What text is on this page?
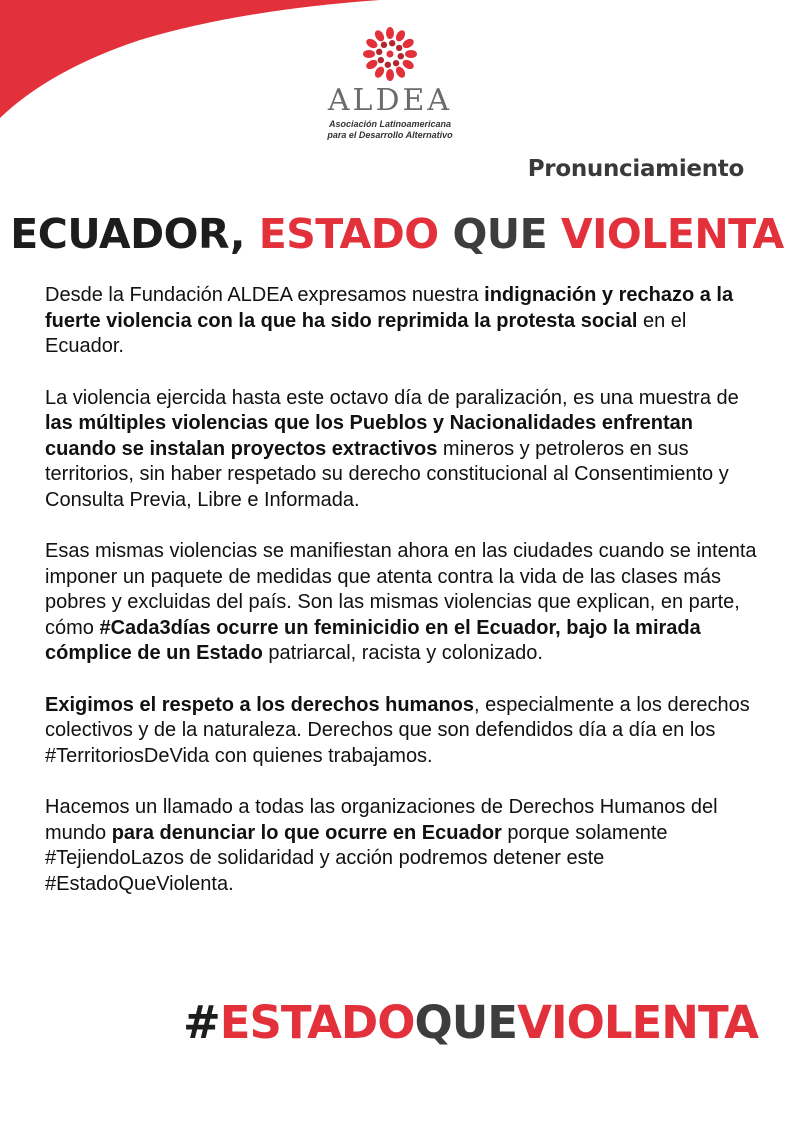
ALDEA
Asociación Latinoamericana
para el Desarrollo Alternativo
Pronunciamiento
ECUADOR, ESTADO QUE VIOLENTA

Desde la Fundación ALDEA expresamos nuestra indignación y rechazo a la fuerte violencia con la que ha sido reprimida la protesta social en el Ecuador.

La violencia ejercida hasta este octavo día de paralización, es una muestra de las múltiples violencias que los Pueblos y Nacionalidades enfrentan cuando se instalan proyectos extractivos mineros y petroleros en sus territorios, sin haber respetado su derecho constitucional al Consentimiento y Consulta Previa, Libre e Informada.

Esas mismas violencias se manifiestan ahora en las ciudades cuando se intenta imponer un paquete de medidas que atenta contra la vida de las clases más pobres y excluidas del país. Son las mismas violencias que explican, en parte, cómo #Cada3días ocurre un feminicidio en el Ecuador, bajo la mirada cómplice de un Estado patriarcal, racista y colonizado.

Exigimos el respeto a los derechos humanos, especialmente a los derechos colectivos y de la naturaleza. Derechos que son defendidos día a día en los #TerritoriosDeVida con quienes trabajamos.

Hacemos un llamado a todas las organizaciones de Derechos Humanos del mundo para denunciar lo que ocurre en Ecuador porque solamente #TejiendoLazos de solidaridad y acción podremos detener este #EstadoQueViolenta.

#ESTADOQUEVIOLENTA
